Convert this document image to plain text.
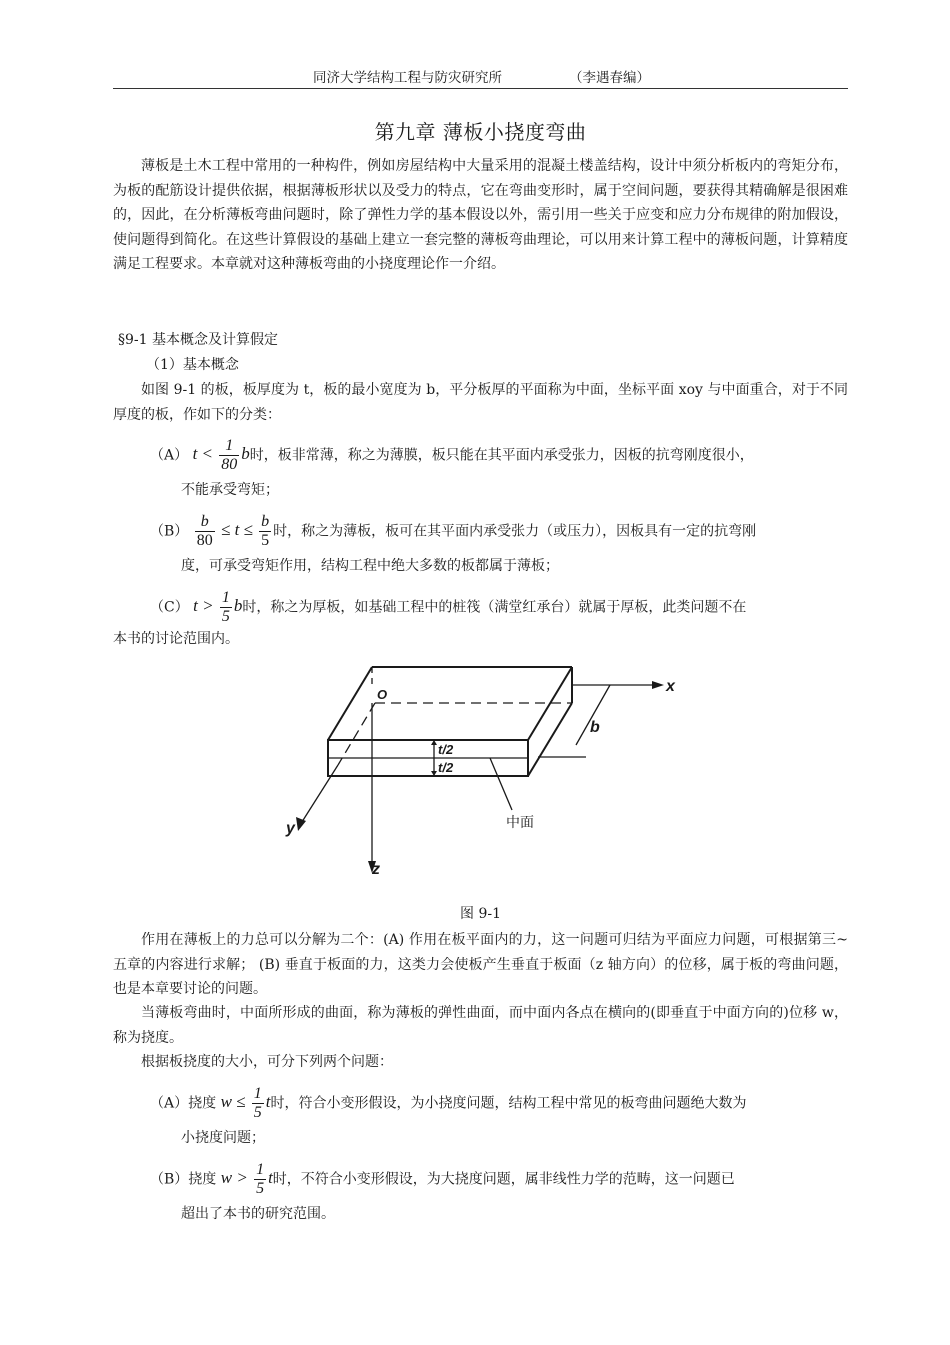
同济大学结构工程与防灾研究所	（李遇春编）
第九章 薄板小挠度弯曲
薄板是土木工程中常用的一种构件，例如房屋结构中大量采用的混凝土楼盖结构，设计中须分析板内的弯矩分布，为板的配筋设计提供依据，根据薄板形状以及受力的特点，它在弯曲变形时，属于空间问题，要获得其精确解是很困难的，因此，在分析薄板弯曲问题时，除了弹性力学的基本假设以外，需引用一些关于应变和应力分布规律的附加假设，使问题得到简化。在这些计算假设的基础上建立一套完整的薄板弯曲理论，可以用来计算工程中的薄板问题，计算精度满足工程要求。本章就对这种薄板弯曲的小挠度理论作一介绍。
§9-1 基本概念及计算假定
（1）基本概念
如图 9-1 的板，板厚度为 t，板的最小宽度为 b，平分板厚的平面称为中面，坐标平面 xoy 与中面重合，对于不同厚度的板，作如下的分类：
（A） $t < \frac{1}{80}$ b时，板非常薄，称之为薄膜，板只能在其平面内承受张力，因板的抗弯刚度很小，
不能承受弯矩；
$(B) \frac{b}{80} \le t \le \frac{b}{5}$ 时，称之为薄板，板可在其平面内承受张力（或压力），因板具有一定的抗弯刚
度，可承受弯矩作用，结构工程中绝大多数的板都属于薄板；
（C） $t > \frac{1}{5}$ b时，称之为厚板，如基础工程中的桩筏（满堂红承台）就属于厚板，此类问题不在
本书的讨论范围内。
O	x
y
z
b
t/2
t/2
中面
图 9-1
作用在薄板上的力总可以分解为二个：(A) 作用在板平面内的力，这一问题可归结为平面应力问题，可根据第三~五章的内容进行求解； (B) 垂直于板面的力，这类力会使板产生垂直于板面（z 轴方向）的位移，属于板的弯曲问题，也是本章要讨论的问题。
当薄板弯曲时，中面所形成的曲面，称为薄板的弹性曲面，而中面内各点在横向的(即垂直于中面方向的)位移 w，称为挠度。
根据板挠度的大小，可分下列两个问题：
（A）挠度 $w \le \frac{1}{5}$ t时，符合小变形假设，为小挠度问题，结构工程中常见的板弯曲问题绝大数为
小挠度问题；
（B）挠度 $w > \frac{1}{5}$ t时，不符合小变形假设，为大挠度问题，属非线性力学的范畴，这一问题已
超出了本书的研究范围。
